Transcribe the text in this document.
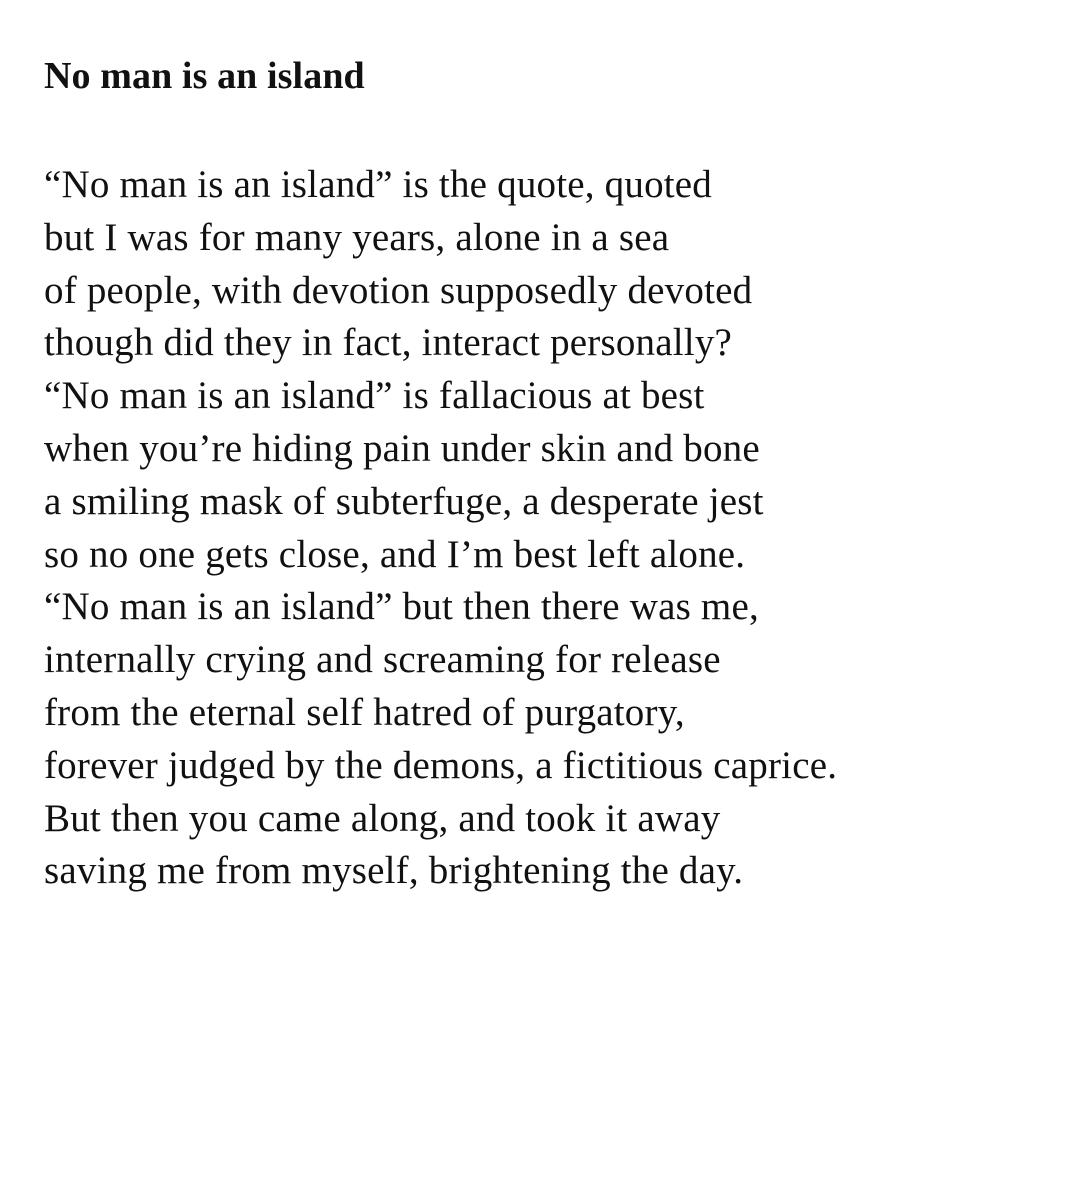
No man is an island
“No man is an island” is the quote, quoted
but I was for many years, alone in a sea
of people, with devotion supposedly devoted
though did they in fact, interact personally?
“No man is an island” is fallacious at best
when you’re hiding pain under skin and bone
a smiling mask of subterfuge, a desperate jest
so no one gets close, and I’m best left alone.
“No man is an island” but then there was me,
internally crying and screaming for release
from the eternal self hatred of purgatory,
forever judged by the demons, a fictitious caprice.
But then you came along, and took it away
saving me from myself, brightening the day.
